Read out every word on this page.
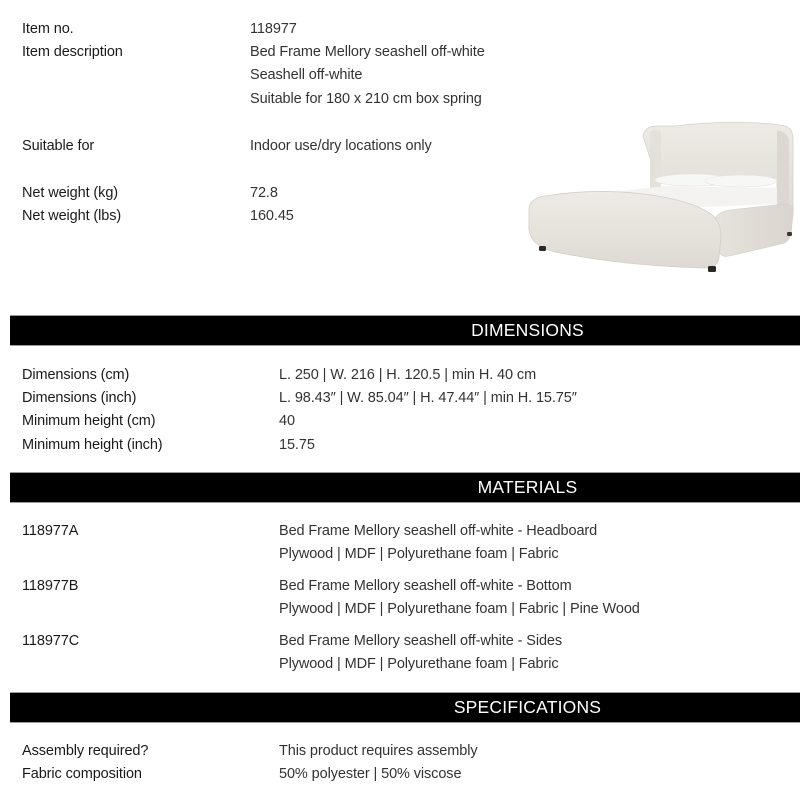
Item no.	118977
Item description	Bed Frame Mellory seashell off-white
Seashell off-white
Suitable for 180 x 210 cm box spring
Suitable for	Indoor use/dry locations only
Net weight (kg)	72.8
Net weight (lbs)	160.45
DIMENSIONS
Dimensions (cm)	L. 250 | W. 216 | H. 120.5 | min H. 40 cm
Dimensions (inch)	L. 98.43″ | W. 85.04″ | H. 47.44″ | min H. 15.75″
Minimum height (cm)	40
Minimum height (inch)	15.75
MATERIALS
118977A	Bed Frame Mellory seashell off-white - Headboard
Plywood | MDF | Polyurethane foam | Fabric
118977B	Bed Frame Mellory seashell off-white - Bottom
Plywood | MDF | Polyurethane foam | Fabric | Pine Wood
118977C	Bed Frame Mellory seashell off-white - Sides
Plywood | MDF | Polyurethane foam | Fabric
SPECIFICATIONS
Assembly required?	This product requires assembly
Fabric composition	50% polyester | 50% viscose
